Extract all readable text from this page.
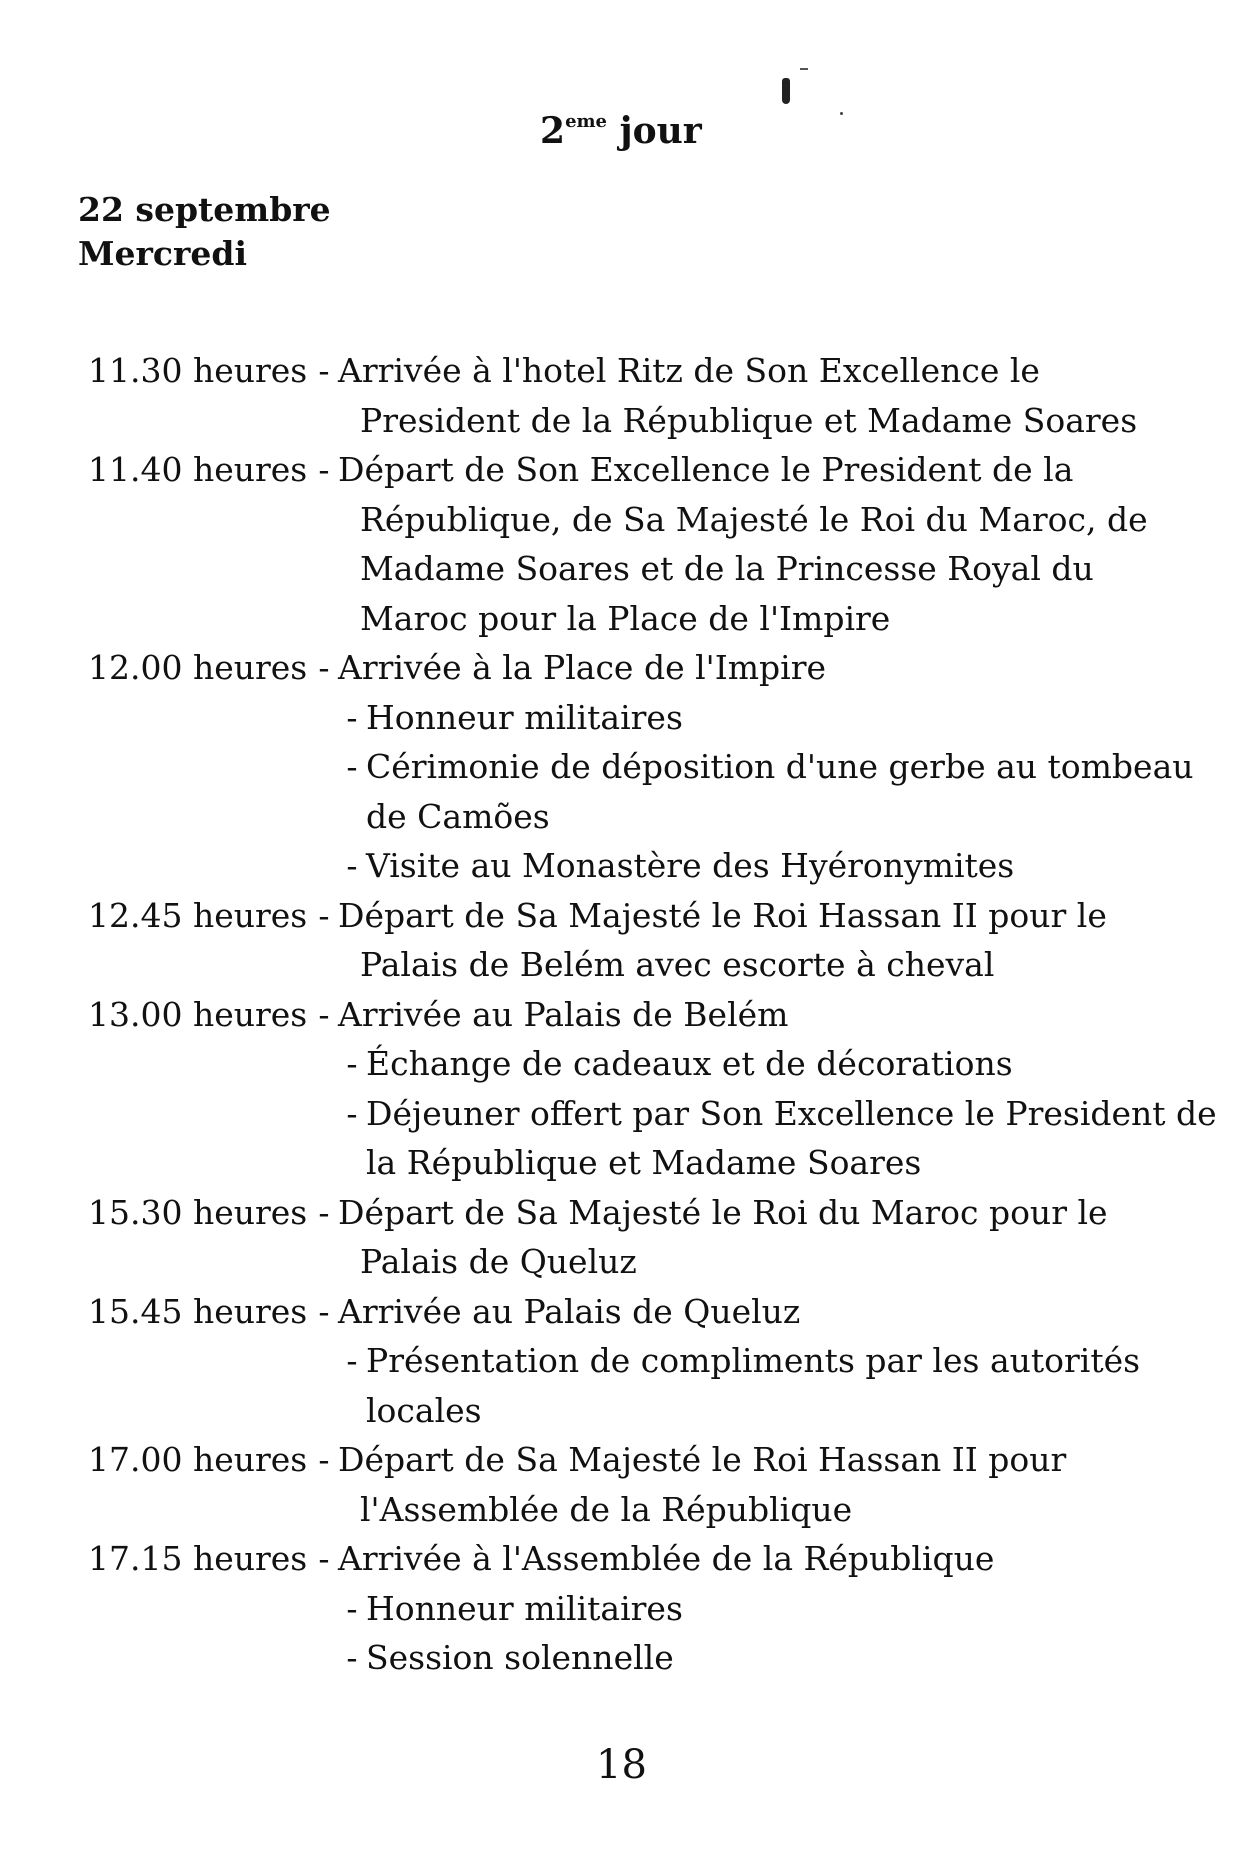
2eme jour
22 septembre
Mercredi
11.30 heures - Arrivée à l'hotel Ritz de Son Excellence le
President de la République et Madame Soares
11.40 heures - Départ de Son Excellence le President de la
République, de Sa Majesté le Roi du Maroc, de
Madame Soares et de la Princesse Royal du
Maroc pour la Place de l'Impire
12.00 heures - Arrivée à la Place de l'Impire
- Honneur militaires
- Cérimonie de déposition d'une gerbe au tombeau
de Camões
- Visite au Monastère des Hyéronymites
12.45 heures - Départ de Sa Majesté le Roi Hassan II pour le
Palais de Belém avec escorte à cheval
13.00 heures - Arrivée au Palais de Belém
- Échange de cadeaux et de décorations
- Déjeuner offert par Son Excellence le President de
la République et Madame Soares
15.30 heures - Départ de Sa Majesté le Roi du Maroc pour le
Palais de Queluz
15.45 heures - Arrivée au Palais de Queluz
- Présentation de compliments par les autorités
locales
17.00 heures - Départ de Sa Majesté le Roi Hassan II pour
l'Assemblée de la République
17.15 heures - Arrivée à l'Assemblée de la République
- Honneur militaires
- Session solennelle
18
